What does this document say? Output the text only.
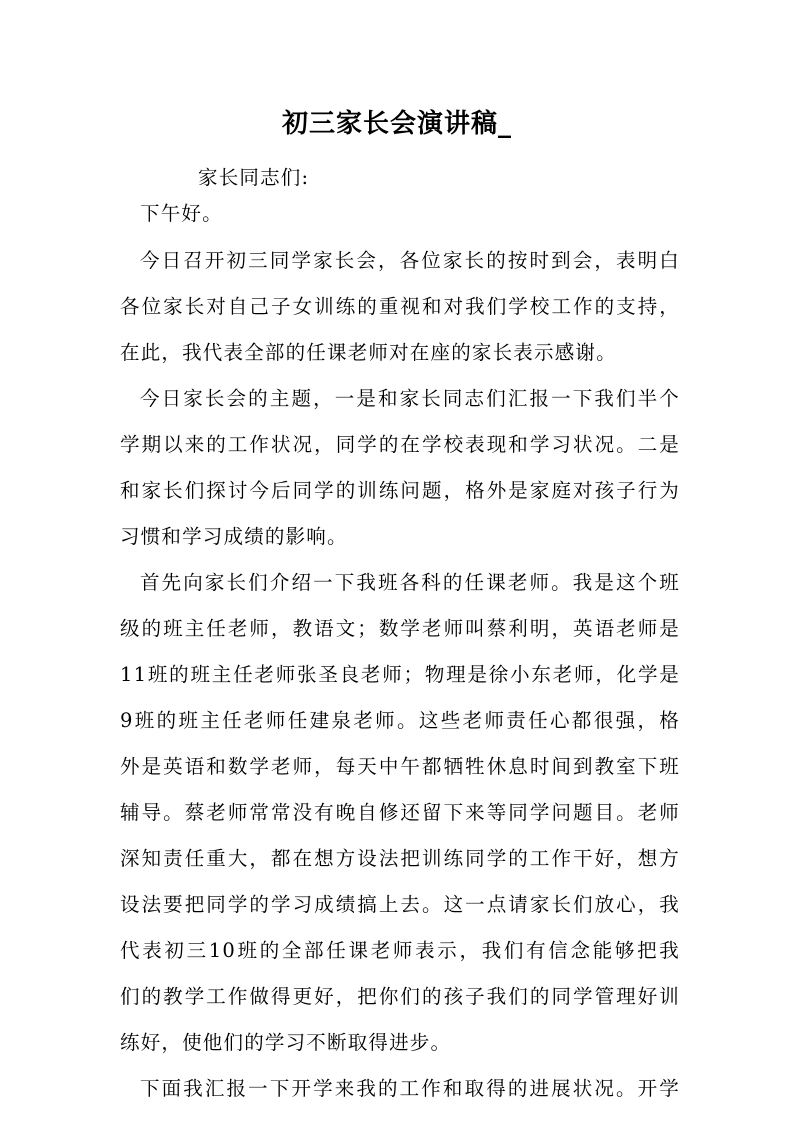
初三家长会演讲稿_
家长同志们:
下午好。
今日召开初三同学家长会，各位家长的按时到会，表明白
各位家长对自己子女训练的重视和对我们学校工作的支持，
在此，我代表全部的任课老师对在座的家长表示感谢。
今日家长会的主题，一是和家长同志们汇报一下我们半个
学期以来的工作状况，同学的在学校表现和学习状况。二是
和家长们探讨今后同学的训练问题，格外是家庭对孩子行为
习惯和学习成绩的影响。
首先向家长们介绍一下我班各科的任课老师。我是这个班
级的班主任老师，教语文；数学老师叫蔡利明，英语老师是
11班的班主任老师张圣良老师；物理是徐小东老师，化学是
9班的班主任老师任建泉老师。这些老师责任心都很强，格
外是英语和数学老师，每天中午都牺牲休息时间到教室下班
辅导。蔡老师常常没有晚自修还留下来等同学问题目。老师
深知责任重大，都在想方设法把训练同学的工作干好，想方
设法要把同学的学习成绩搞上去。这一点请家长们放心，我
代表初三10班的全部任课老师表示，我们有信念能够把我
们的教学工作做得更好，把你们的孩子我们的同学管理好训
练好，使他们的学习不断取得进步。
下面我汇报一下开学来我的工作和取得的进展状况。开学
